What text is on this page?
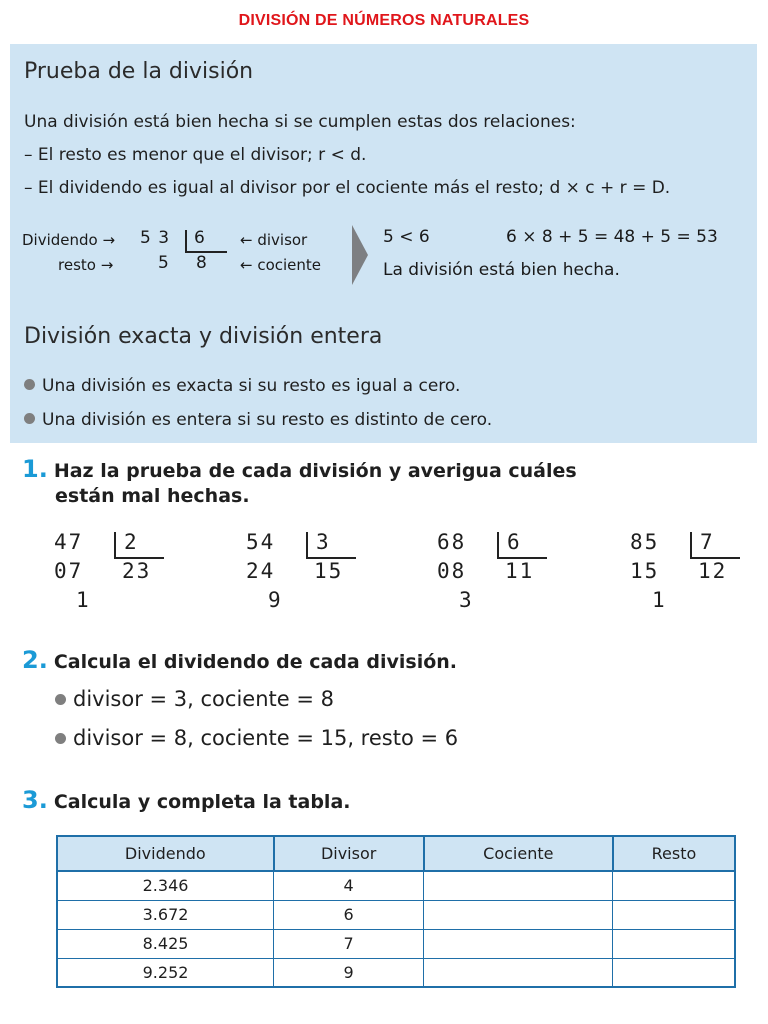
DIVISIÓN DE NÚMEROS NATURALES
Prueba de la división
Una división está bien hecha si se cumplen estas dos relaciones:
– El resto es menor que el divisor; r < d.
– El dividendo es igual al divisor por el cociente más el resto; d × c + r = D.
Dividendo → 5 3 6 ← divisor
resto →	5 8 ← cociente
5 < 6	6 × 8 + 5 = 48 + 5 = 53
La división está bien hecha.
División exacta y división entera
Una división es exacta si su resto es igual a cero.
Una división es entera si su resto es distinto de cero.
1. Haz la prueba de cada división y averigua cuáles
están mal hechas.
47 2
07 23
1
54 3
24 15
9
68 6
08 11
3
85 7
15 12
1
2. Calcula el dividendo de cada división.
divisor = 3, cociente = 8
divisor = 8, cociente = 15, resto = 6
3. Calcula y completa la tabla.
Dividendo	Divisor	Cociente	Resto
2.346	4		
3.672	6		
8.425	7		
9.252	9		
